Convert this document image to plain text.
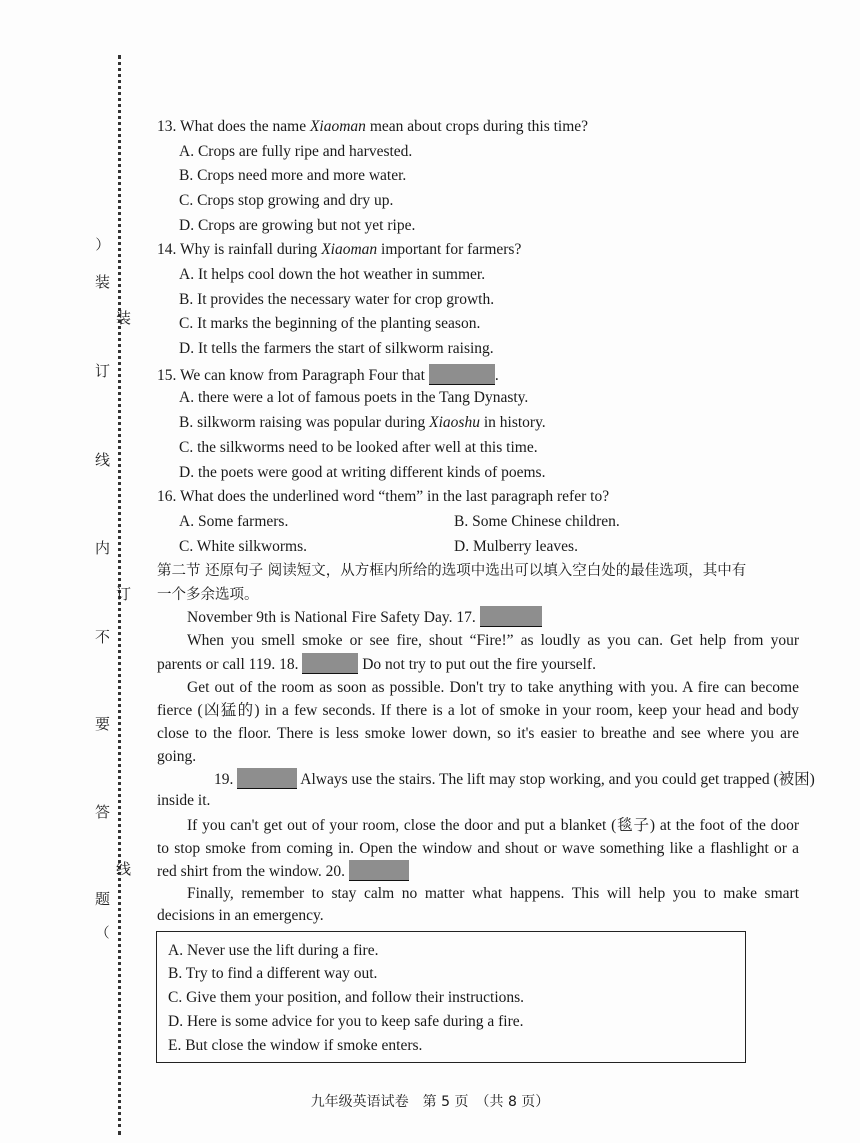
︵
装
订
线
内
不
要
答
题
︶
装
订
线
13. What does the name Xiaoman mean about crops during this time?
A. Crops are fully ripe and harvested.
B. Crops need more and more water.
C. Crops stop growing and dry up.
D. Crops are growing but not yet ripe.
14. Why is rainfall during Xiaoman important for farmers?
A. It helps cool down the hot weather in summer.
B. It provides the necessary water for crop growth.
C. It marks the beginning of the planting season.
D. It tells the farmers the start of silkworm raising.
15. We can know from Paragraph Four that	.
A. there were a lot of famous poets in the Tang Dynasty.
B. silkworm raising was popular during Xiaoshu in history.
C. the silkworms need to be looked after well at this time.
D. the poets were good at writing different kinds of poems.
16. What does the underlined word “them” in the last paragraph refer to?
A. Some farmers.	B. Some Chinese children.
C. White silkworms.	D. Mulberry leaves.
第二节 还原句子 阅读短文，从方框内所给的选项中选出可以填入空白处的最佳选项，其中有
一个多余选项。
November 9th is National Fire Safety Day. 17.
When you smell smoke or see fire, shout “Fire!” as loudly as you can. Get help from your
parents or call 119. 18.	Do not try to put out the fire yourself.
Get out of the room as soon as possible. Don't try to take anything with you. A fire can become
fierce (凶猛的) in a few seconds. If there is a lot of smoke in your room, keep your head and body
close to the floor. There is less smoke lower down, so it's easier to breathe and see where you are
going.
19.	Always use the stairs. The lift may stop working, and you could get trapped (被困)
inside it.
If you can't get out of your room, close the door and put a blanket (毯子) at the foot of the door
to stop smoke from coming in. Open the window and shout or wave something like a flashlight or a
red shirt from the window. 20.
Finally, remember to stay calm no matter what happens. This will help you to make smart
decisions in an emergency.
A. Never use the lift during a fire.
B. Try to find a different way out.
C. Give them your position, and follow their instructions.
D. Here is some advice for you to keep safe during a fire.
E. But close the window if smoke enters.
九年级英语试卷　第 5 页　（共 8 页）
